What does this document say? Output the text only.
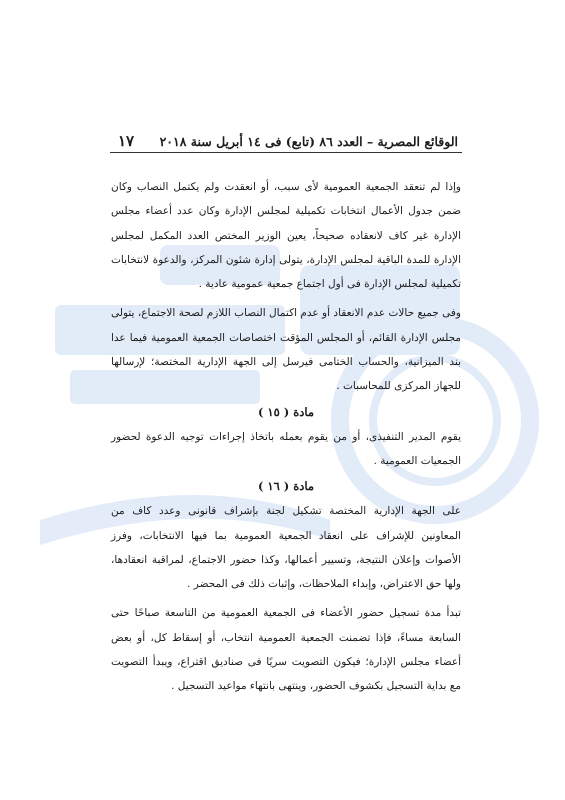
الوقائع المصرية – العدد ٨٦ (تابع) فى ١٤ أبريل سنة ٢٠١٨
١٧

وإذا لم تنعقد الجمعية العمومية لأى سبب، أو انعقدت ولم يكتمل النصاب وكان ضمن جدول الأعمال انتخابات تكميلية لمجلس الإدارة وكان عدد أعضاء مجلس الإدارة غير كاف لانعقاده صحيحاً، يعين الوزير المختص العدد المكمل لمجلس الإدارة للمدة الباقية لمجلس الإدارة، يتولى إدارة شئون المركز، والدعوة لانتخابات تكميلية لمجلس الإدارة فى أول اجتماع جمعية عمومية عادية .

وفى جميع حالات عدم الانعقاد أو عدم اكتمال النصاب اللازم لصحة الاجتماع، يتولى مجلس الإدارة القائم، أو المجلس المؤقت اختصاصات الجمعية العمومية فيما عدا بند الميزانية، والحساب الختامى فيرسل إلى الجهة الإدارية المختصة؛ لإرسالها للجهاز المركزى للمحاسبات .

مادة ( ١٥ )

يقوم المدير التنفيذى، أو من يقوم بعمله باتخاذ إجراءات توجيه الدعوة لحضور الجمعيات العمومية .

مادة ( ١٦ )

على الجهة الإدارية المختصة تشكيل لجنة بإشراف قانونى وعدد كاف من المعاونين للإشراف على انعقاد الجمعية العمومية بما فيها الانتخابات، وفرز الأصوات وإعلان النتيجة، وتسيير أعمالها، وكذا حضور الاجتماع، لمراقبة انعقادها، ولها حق الاعتراض، وإبداء الملاحظات، وإثبات ذلك فى المحضر .

تبدأ مدة تسجيل حضور الأعضاء فى الجمعية العمومية من التاسعة صباحًا حتى السابعة مساءً، فإذا تضمنت الجمعية العمومية انتخاب، أو إسقاط كل، أو بعض أعضاء مجلس الإدارة؛ فيكون التصويت سريًا فى صناديق اقتراع، ويبدأ التصويت مع بداية التسجيل بكشوف الحضور، وينتهى بانتهاء مواعيد التسجيل .
